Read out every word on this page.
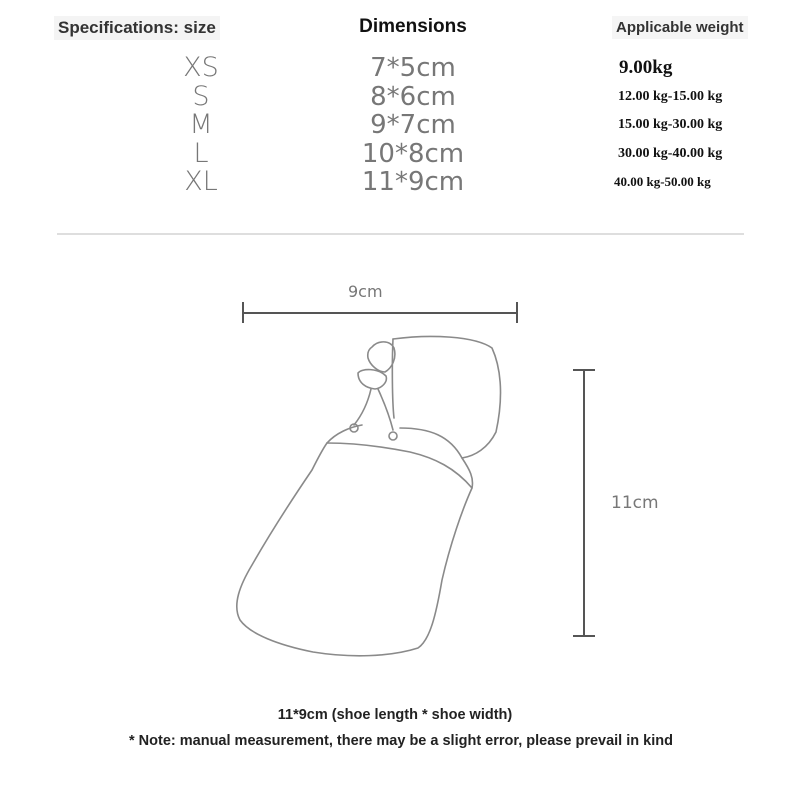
Specifications: size	Dimensions	Applicable weight
XS
S
M
L
XL
7*5cm
8*6cm
9*7cm
10*8cm
11*9cm
9.00kg
12.00 kg-15.00 kg
15.00 kg-30.00 kg
30.00 kg-40.00 kg
40.00 kg-50.00 kg
9cm
11cm
11*9cm (shoe length * shoe width)
* Note: manual measurement, there may be a slight error, please prevail in kind
